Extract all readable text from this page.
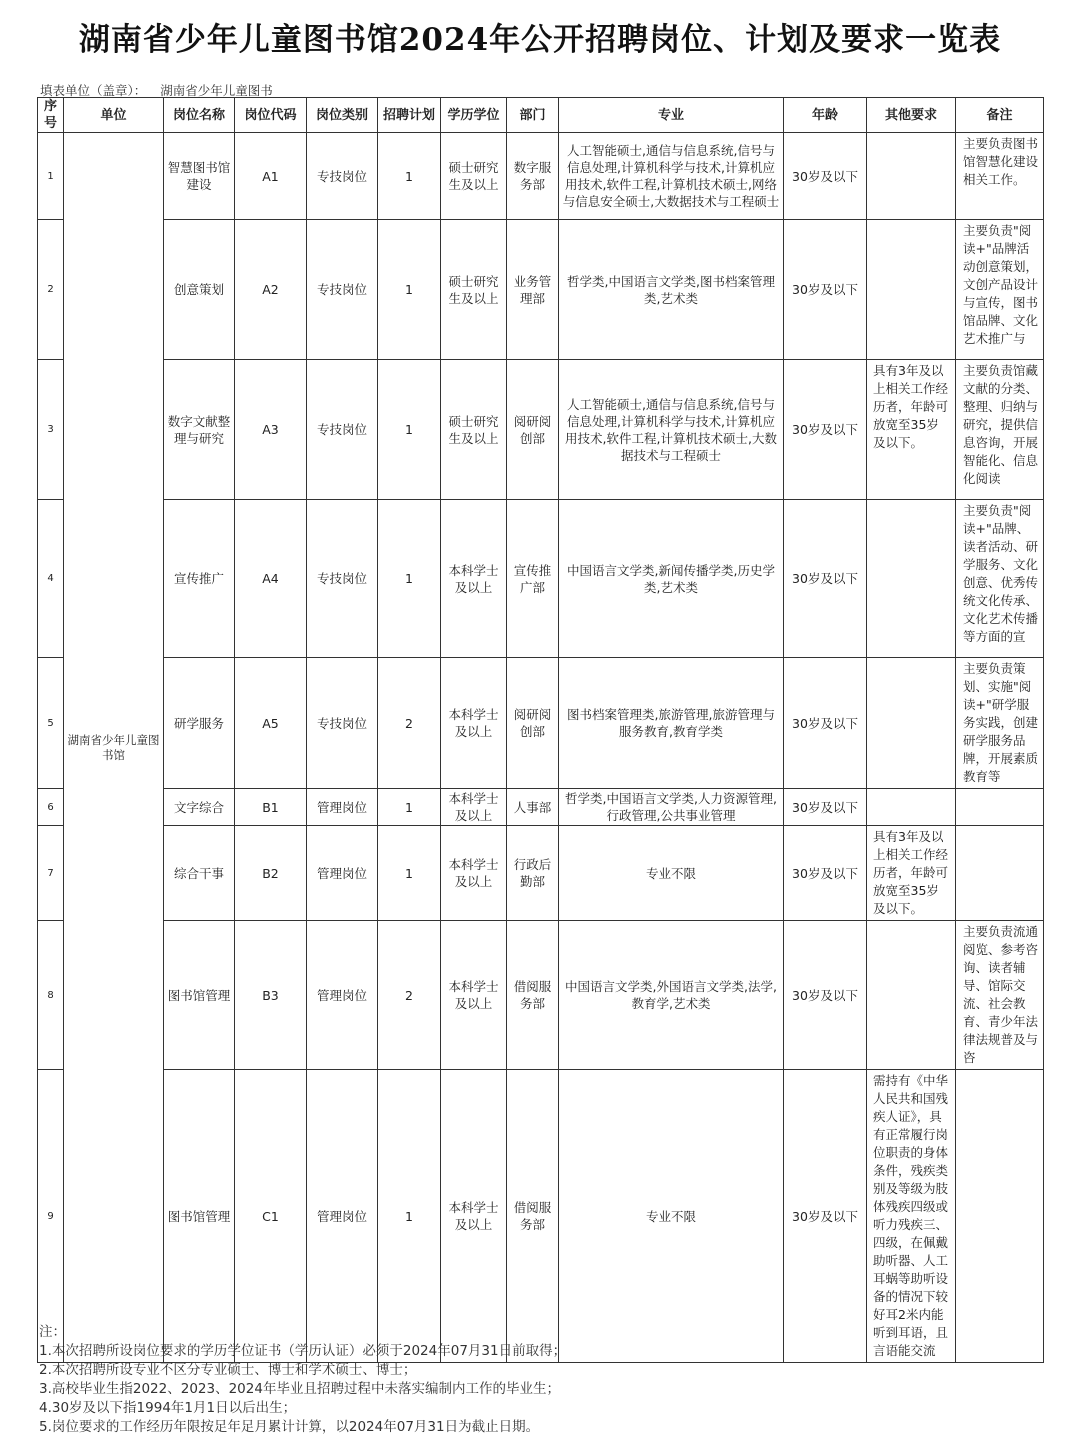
湖南省少年儿童图书馆2024年公开招聘岗位、计划及要求一览表
填表单位（盖章）： 湖南省少年儿童图书
序号	单位	岗位名称	岗位代码	岗位类别	招聘计划	学历学位	部门	专业	年龄	其他要求	备注
1	湖南省少年儿童图书馆	智慧图书馆建设	A1	专技岗位	1	硕士研究生及以上	数字服务部	人工智能硕士,通信与信息系统,信号与信息处理,计算机科学与技术,计算机应用技术,软件工程,计算机技术硕士,网络与信息安全硕士,大数据技术与工程硕士	30岁及以下		主要负责图书馆智慧化建设相关工作。
2		创意策划	A2	专技岗位	1	硕士研究生及以上	业务管理部	哲学类,中国语言文学类,图书档案管理类,艺术类	30岁及以下		主要负责"阅读+"品牌活动创意策划，文创产品设计与宣传，图书馆品牌、文化艺术推广与
3		数字文献整理与研究	A3	专技岗位	1	硕士研究生及以上	阅研阅创部	人工智能硕士,通信与信息系统,信号与信息处理,计算机科学与技术,计算机应用技术,软件工程,计算机技术硕士,大数据技术与工程硕士	30岁及以下	具有3年及以上相关工作经历者，年龄可放宽至35岁及以下。	主要负责馆藏文献的分类、整理、归纳与研究，提供信息咨询，开展智能化、信息化阅读
4		宣传推广	A4	专技岗位	1	本科学士及以上	宣传推广部	中国语言文学类,新闻传播学类,历史学类,艺术类	30岁及以下		主要负责"阅读+"品牌、读者活动、研学服务、文化创意、优秀传统文化传承、文化艺术传播等方面的宣
5		研学服务	A5	专技岗位	2	本科学士及以上	阅研阅创部	图书档案管理类,旅游管理,旅游管理与服务教育,教育学类	30岁及以下		主要负责策划、实施"阅读+"研学服务实践，创建研学服务品牌，开展素质教育等
6		文字综合	B1	管理岗位	1	本科学士及以上	人事部	哲学类,中国语言文学类,人力资源管理,行政管理,公共事业管理	30岁及以下		
7		综合干事	B2	管理岗位	1	本科学士及以上	行政后勤部	专业不限	30岁及以下	具有3年及以上相关工作经历者，年龄可放宽至35岁及以下。	
8		图书馆管理	B3	管理岗位	2	本科学士及以上	借阅服务部	中国语言文学类,外国语言文学类,法学,教育学,艺术类	30岁及以下		主要负责流通阅览、参考咨询、读者辅导、馆际交流、社会教育、青少年法律法规普及与咨
9		图书馆管理	C1	管理岗位	1	本科学士及以上	借阅服务部	专业不限	30岁及以下	需持有《中华人民共和国残疾人证》，具有正常履行岗位职责的身体条件，残疾类别及等级为肢体残疾四级或听力残疾三、四级，在佩戴助听器、人工耳蜗等助听设备的情况下较好耳2米内能听到耳语，且言语能交流	
注：
1.本次招聘所设岗位要求的学历学位证书（学历认证）必须于2024年07月31日前取得；
2.本次招聘所设专业不区分专业硕士、博士和学术硕士、博士；
3.高校毕业生指2022、2023、2024年毕业且招聘过程中未落实编制内工作的毕业生；
4.30岁及以下指1994年1月1日以后出生；
5.岗位要求的工作经历年限按足年足月累计计算，以2024年07月31日为截止日期。
